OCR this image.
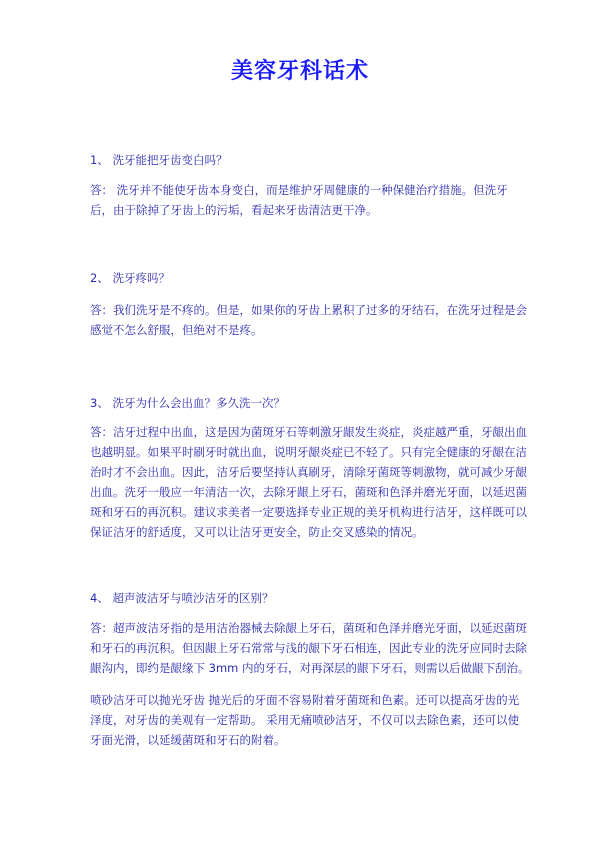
美容牙科话术

1、 洗牙能把牙齿变白吗？

答： 洗牙并不能使牙齿本身变白，而是维护牙周健康的一种保健治疗措施。但洗牙后，由于除掉了牙齿上的污垢，看起来牙齿清洁更干净。

2、 洗牙疼吗？

答：我们洗牙是不疼的。但是，如果你的牙齿上累积了过多的牙结石，在洗牙过程是会感觉不怎么舒服，但绝对不是疼。

3、 洗牙为什么会出血？多久洗一次？

答：洁牙过程中出血，这是因为菌斑牙石等刺激牙龈发生炎症，炎症越严重，牙龈出血也越明显。如果平时刷牙时就出血，说明牙龈炎症已不轻了。只有完全健康的牙龈在洁治时才不会出血。因此，洁牙后要坚持认真刷牙，清除牙菌斑等刺激物，就可减少牙龈出血。洗牙一般应一年清洁一次，去除牙龈上牙石，菌斑和色泽并磨光牙面，以延迟菌斑和牙石的再沉积。建议求美者一定要选择专业正规的美牙机构进行洁牙，这样既可以保证洁牙的舒适度，又可以让洁牙更安全，防止交叉感染的情况。

4、 超声波洁牙与喷沙洁牙的区别？

答：超声波洁牙指的是用洁治器械去除龈上牙石，菌斑和色泽并磨光牙面，以延迟菌斑和牙石的再沉积。但因龈上牙石常常与浅的龈下牙石相连，因此专业的洗牙应同时去除龈沟内，即约是龈缘下 3mm 内的牙石，对再深层的龈下牙石，则需以后做龈下刮治。

喷砂洁牙可以抛光牙齿 抛光后的牙面不容易附着牙菌斑和色素。还可以提高牙齿的光泽度，对牙齿的美观有一定帮助。 采用无痛喷砂洁牙，不仅可以去除色素，还可以使牙面光滑，以延缓菌斑和牙石的附着。
